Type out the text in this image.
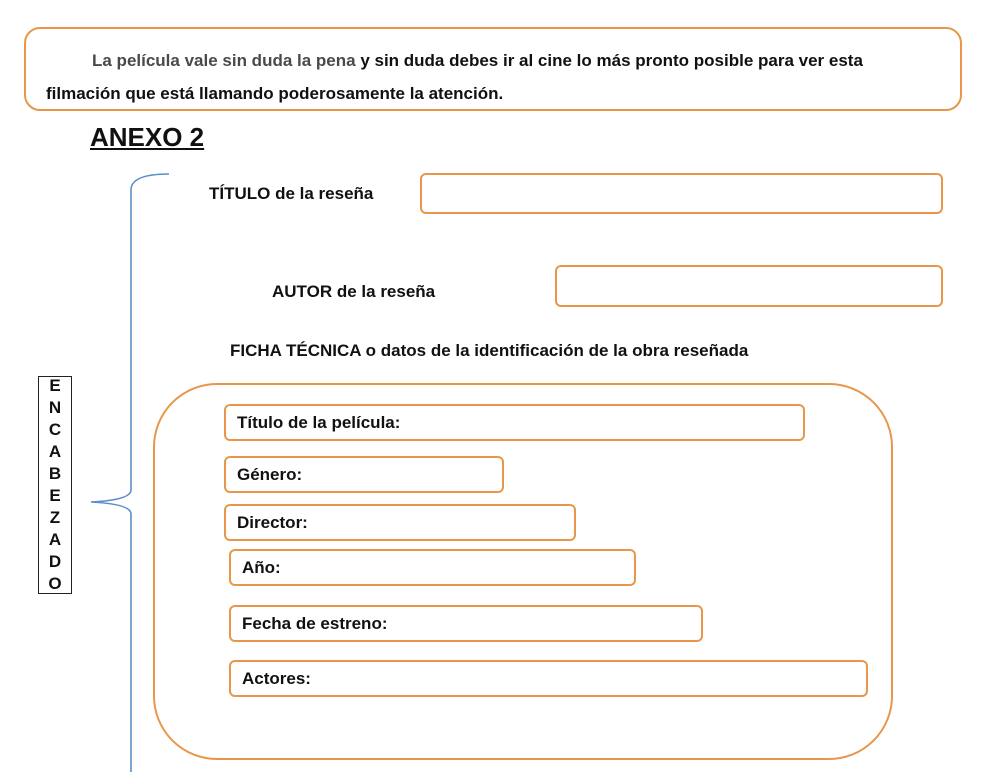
La película vale sin duda la pena y sin duda debes ir al cine lo más pronto posible para ver esta
filmación que está llamando poderosamente la atención.
ANEXO 2
E
N
C
A
B
E
Z
A
D
O
TÍTULO de la reseña
AUTOR de la reseña
FICHA TÉCNICA o datos de la identificación de la obra reseñada
Título de la película:
Género:
Director:
Año:
Fecha de estreno:
Actores:
